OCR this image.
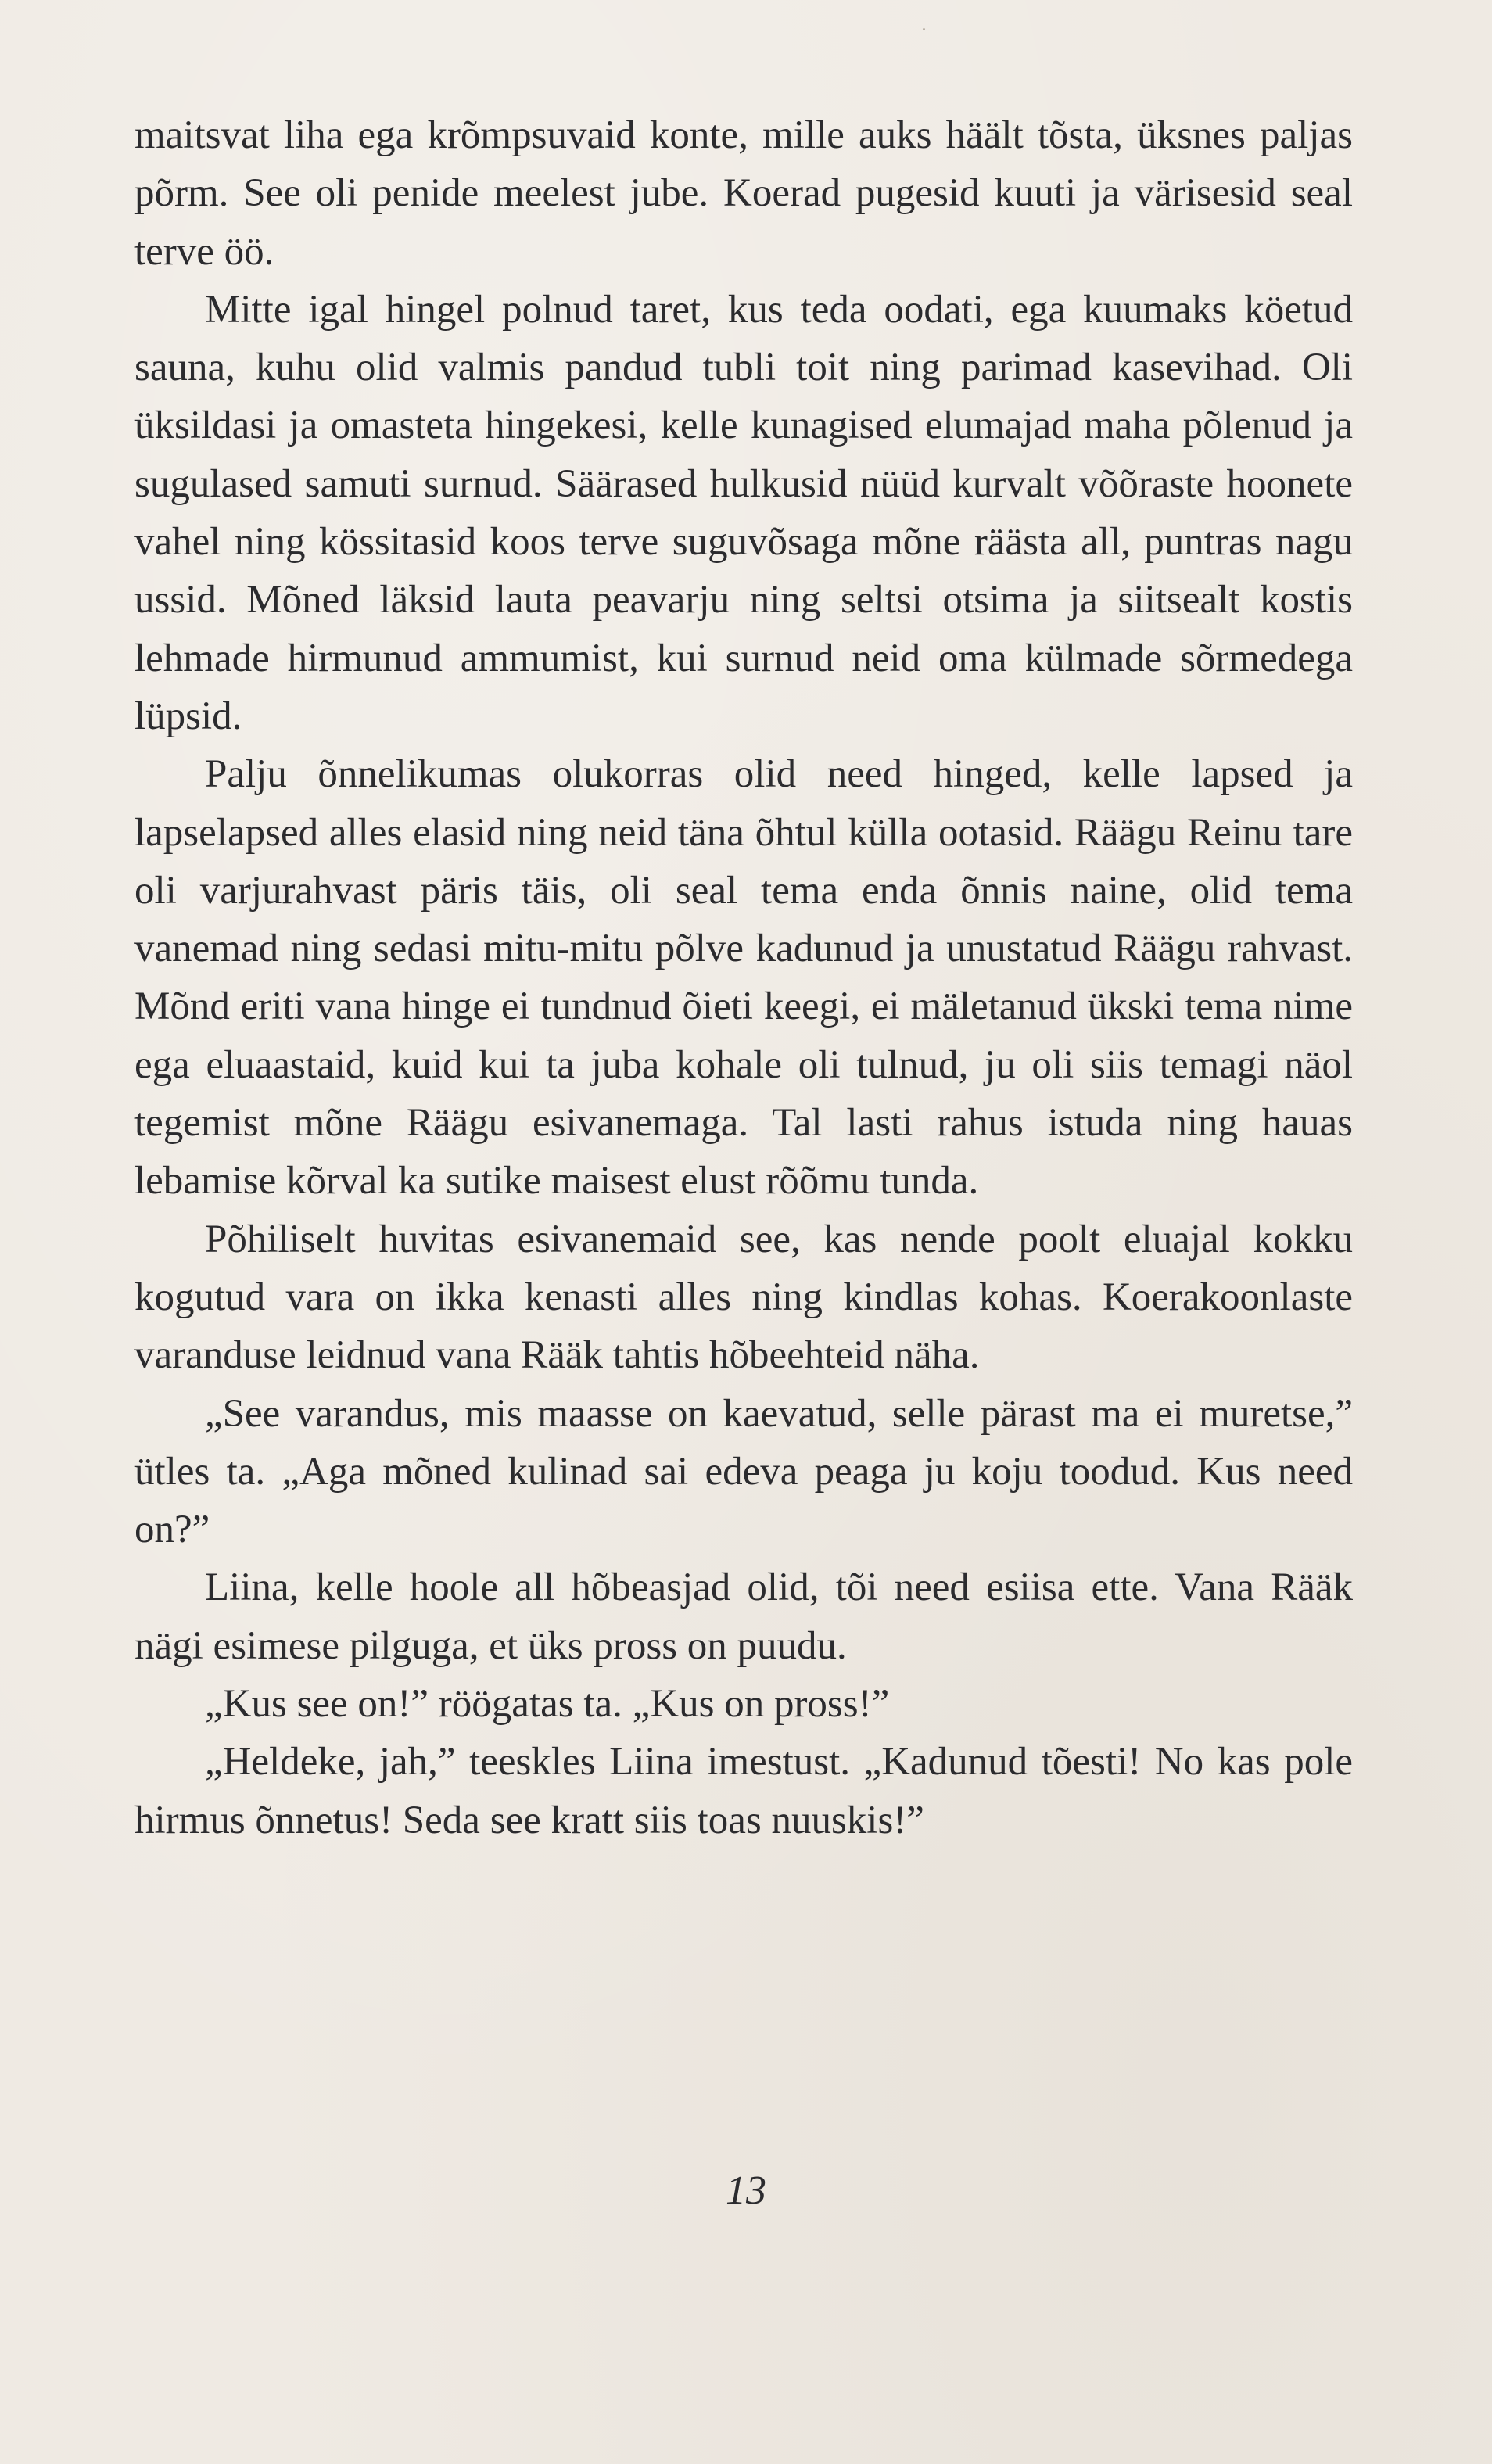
maitsvat liha ega krõmpsuvaid konte, mille auks häält tõsta, üksnes paljas põrm. See oli penide meelest jube. Koerad pugesid kuuti ja värisesid seal terve öö.

Mitte igal hingel polnud taret, kus teda oodati, ega kuumaks köetud sauna, kuhu olid valmis pandud tubli toit ning parimad kasevihad. Oli üksildasi ja omasteta hingekesi, kelle kunagised elumajad maha põlenud ja sugulased samuti surnud. Säärased hulkusid nüüd kurvalt võõraste hoonete vahel ning kössitasid koos terve suguvõsaga mõne räästa all, puntras nagu ussid. Mõned läksid lauta peavarju ning seltsi otsima ja siitsealt kostis lehmade hirmunud ammumist, kui surnud neid oma külmade sõrmedega lüpsid.

Palju õnnelikumas olukorras olid need hinged, kelle lapsed ja lapselapsed alles elasid ning neid täna õhtul külla ootasid. Räägu Reinu tare oli varjurahvast päris täis, oli seal tema enda õnnis naine, olid tema vanemad ning sedasi mitu-mitu põlve kadunud ja unustatud Räägu rahvast. Mõnd eriti vana hinge ei tundnud õieti keegi, ei mäletanud ükski tema nime ega eluaastaid, kuid kui ta juba kohale oli tulnud, ju oli siis temagi näol tegemist mõne Räägu esivanemaga. Tal lasti rahus istuda ning hauas lebamise kõrval ka sutike maisest elust rõõmu tunda.

Põhiliselt huvitas esivanemaid see, kas nende poolt eluajal kokku kogutud vara on ikka kenasti alles ning kindlas kohas. Koerakoonlaste varanduse leidnud vana Rääk tahtis hõbeehteid näha.

„See varandus, mis maasse on kaevatud, selle pärast ma ei muretse,” ütles ta. „Aga mõned kulinad sai edeva peaga ju koju toodud. Kus need on?”

Liina, kelle hoole all hõbeasjad olid, tõi need esiisa ette. Vana Rääk nägi esimese pilguga, et üks pross on puudu.

„Kus see on!” röögatas ta. „Kus on pross!”

„Heldeke, jah,” teeskles Liina imestust. „Kadunud tõesti! No kas pole hirmus õnnetus! Seda see kratt siis toas nuuskis!”

13
